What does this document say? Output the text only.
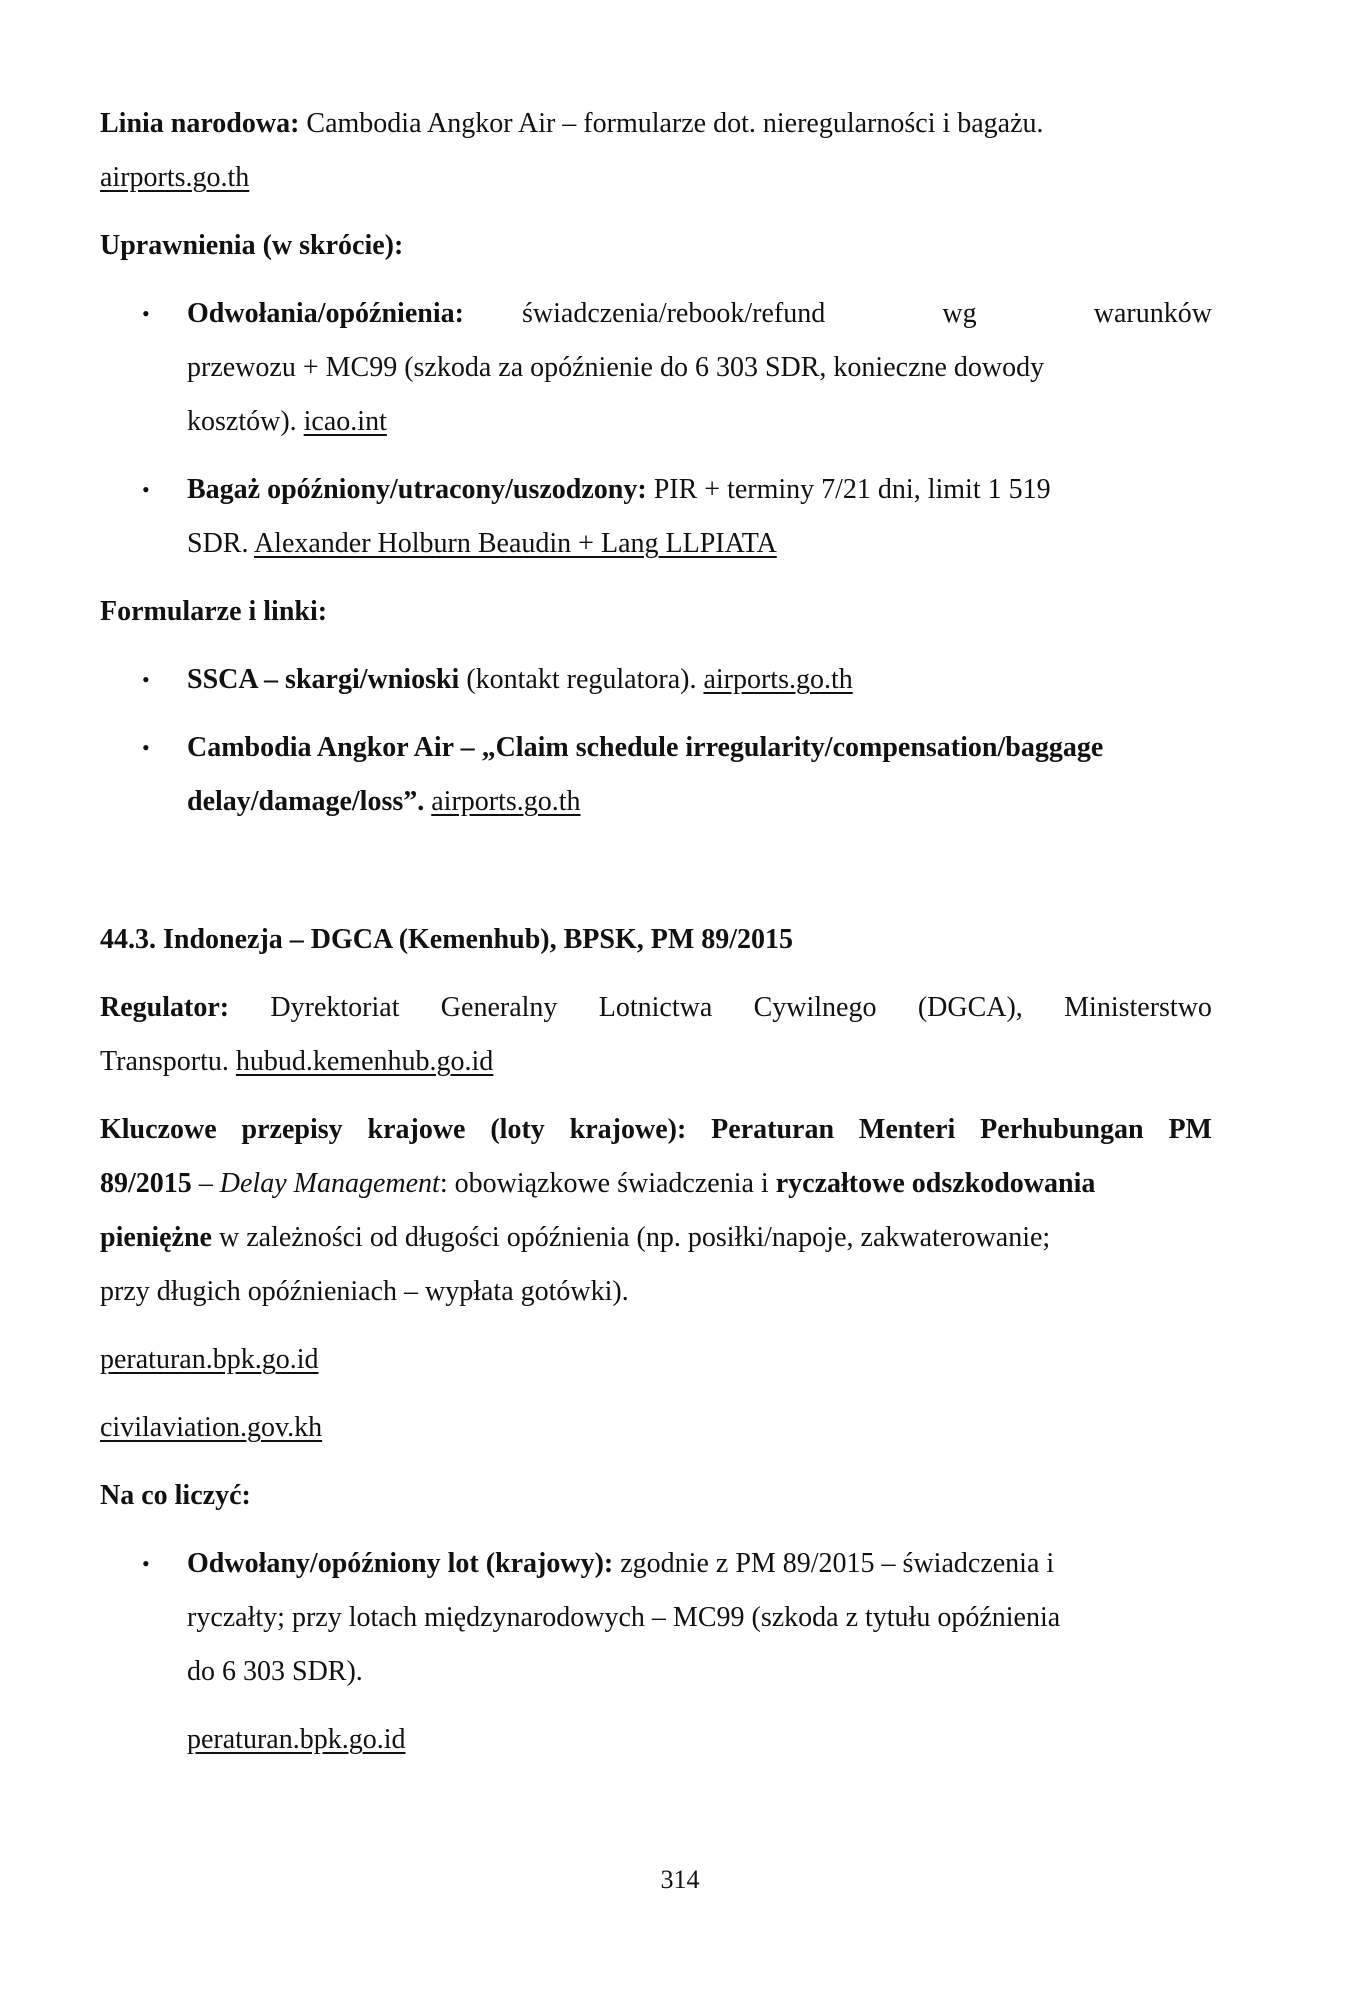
Linia narodowa: Cambodia Angkor Air – formularze dot. nieregularności i bagażu.
airports.go.th
Uprawnienia (w skrócie):
• Odwołania/opóźnienia: świadczenia/rebook/refund	wg	warunków
przewozu + MC99 (szkoda za opóźnienie do 6 303 SDR, konieczne dowody
kosztów). icao.int
• Bagaż opóźniony/utracony/uszodzony: PIR + terminy 7/21 dni, limit 1 519
SDR. Alexander Holburn Beaudin + Lang LLPIATA
Formularze i linki:
• SSCA – skargi/wnioski (kontakt regulatora). airports.go.th
• Cambodia Angkor Air – „Claim schedule irregularity/compensation/baggage
delay/damage/loss”. airports.go.th
44.3. Indonezja – DGCA (Kemenhub), BPSK, PM 89/2015
Regulator: Dyrektoriat Generalny Lotnictwa Cywilnego (DGCA), Ministerstwo
Transportu. hubud.kemenhub.go.id
Kluczowe przepisy krajowe (loty krajowe): Peraturan Menteri Perhubungan PM
89/2015 – Delay Management: obowiązkowe świadczenia i ryczałtowe odszkodowania
pieniężne w zależności od długości opóźnienia (np. posiłki/napoje, zakwaterowanie;
przy długich opóźnieniach – wypłata gotówki).
peraturan.bpk.go.id
civilaviation.gov.kh
Na co liczyć:
• Odwołany/opóźniony lot (krajowy): zgodnie z PM 89/2015 – świadczenia i
ryczałty; przy lotach międzynarodowych – MC99 (szkoda z tytułu opóźnienia
do 6 303 SDR).
peraturan.bpk.go.id
314
